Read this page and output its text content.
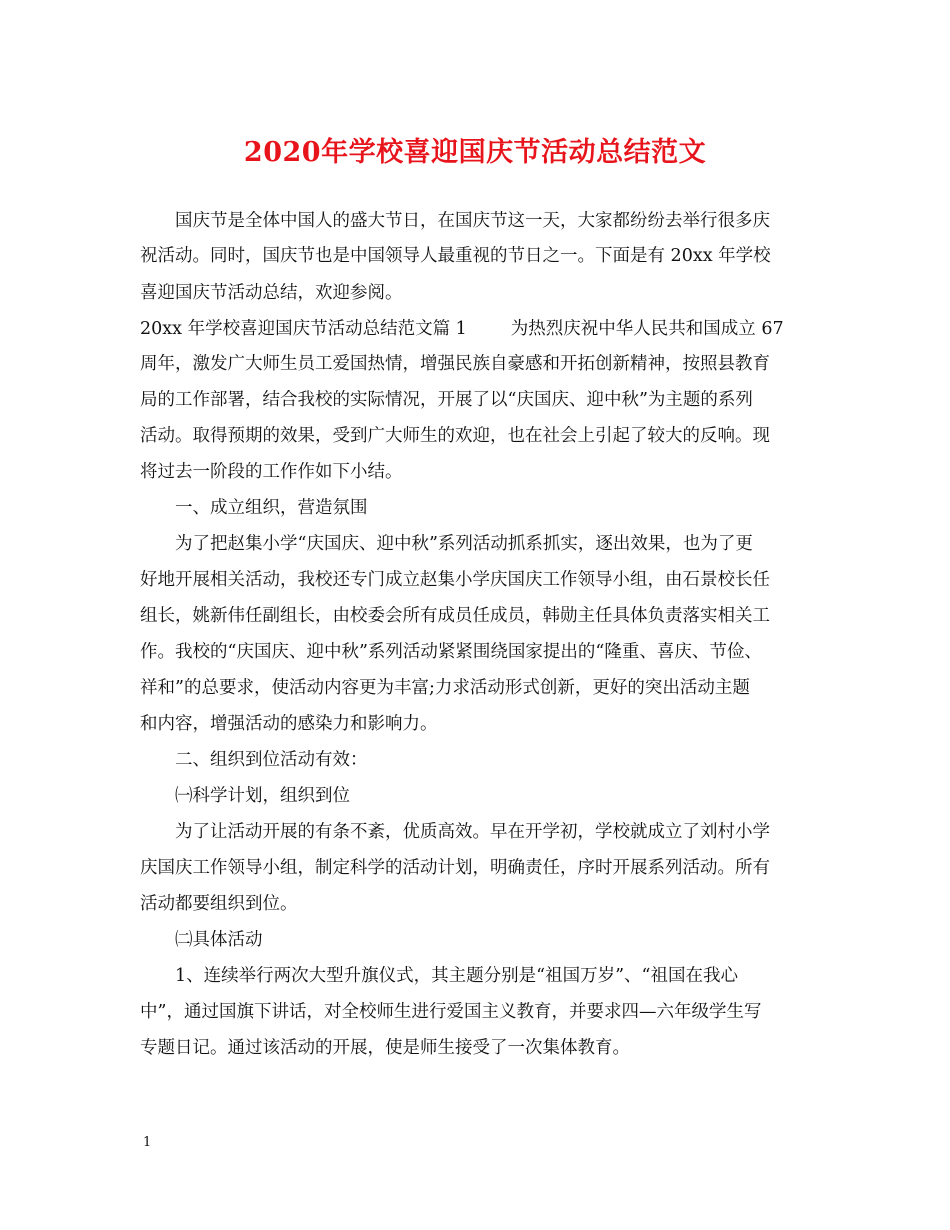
2020年学校喜迎国庆节活动总结范文
　　国庆节是全体中国人的盛大节日，在国庆节这一天，大家都纷纷去举行很多庆
祝活动。同时，国庆节也是中国领导人最重视的节日之一。下面是有 20xx 年学校
喜迎国庆节活动总结，欢迎参阅。
20xx 年学校喜迎国庆节活动总结范文篇 1	为热烈庆祝中华人民共和国成立 67
周年，激发广大师生员工爱国热情，增强民族自豪感和开拓创新精神，按照县教育
局的工作部署，结合我校的实际情况，开展了以“庆国庆、迎中秋”为主题的系列
活动。取得预期的效果，受到广大师生的欢迎，也在社会上引起了较大的反响。现
将过去一阶段的工作作如下小结。
　　一、成立组织，营造氛围
　　为了把赵集小学“庆国庆、迎中秋”系列活动抓系抓实，逐出效果，也为了更
好地开展相关活动，我校还专门成立赵集小学庆国庆工作领导小组，由石景校长任
组长，姚新伟任副组长，由校委会所有成员任成员，韩勋主任具体负责落实相关工
作。我校的“庆国庆、迎中秋”系列活动紧紧围绕国家提出的“隆重、喜庆、节俭、
祥和”的总要求，使活动内容更为丰富;力求活动形式创新，更好的突出活动主题
和内容，增强活动的感染力和影响力。
　　二、组织到位活动有效：
　　㈠科学计划，组织到位
　　为了让活动开展的有条不紊，优质高效。早在开学初，学校就成立了刘村小学
庆国庆工作领导小组，制定科学的活动计划，明确责任，序时开展系列活动。所有
活动都要组织到位。
　　㈡具体活动
　　1、连续举行两次大型升旗仪式，其主题分别是“祖国万岁”、“祖国在我心
中”，通过国旗下讲话，对全校师生进行爱国主义教育，并要求四—六年级学生写
专题日记。通过该活动的开展，使是师生接受了一次集体教育。
1
